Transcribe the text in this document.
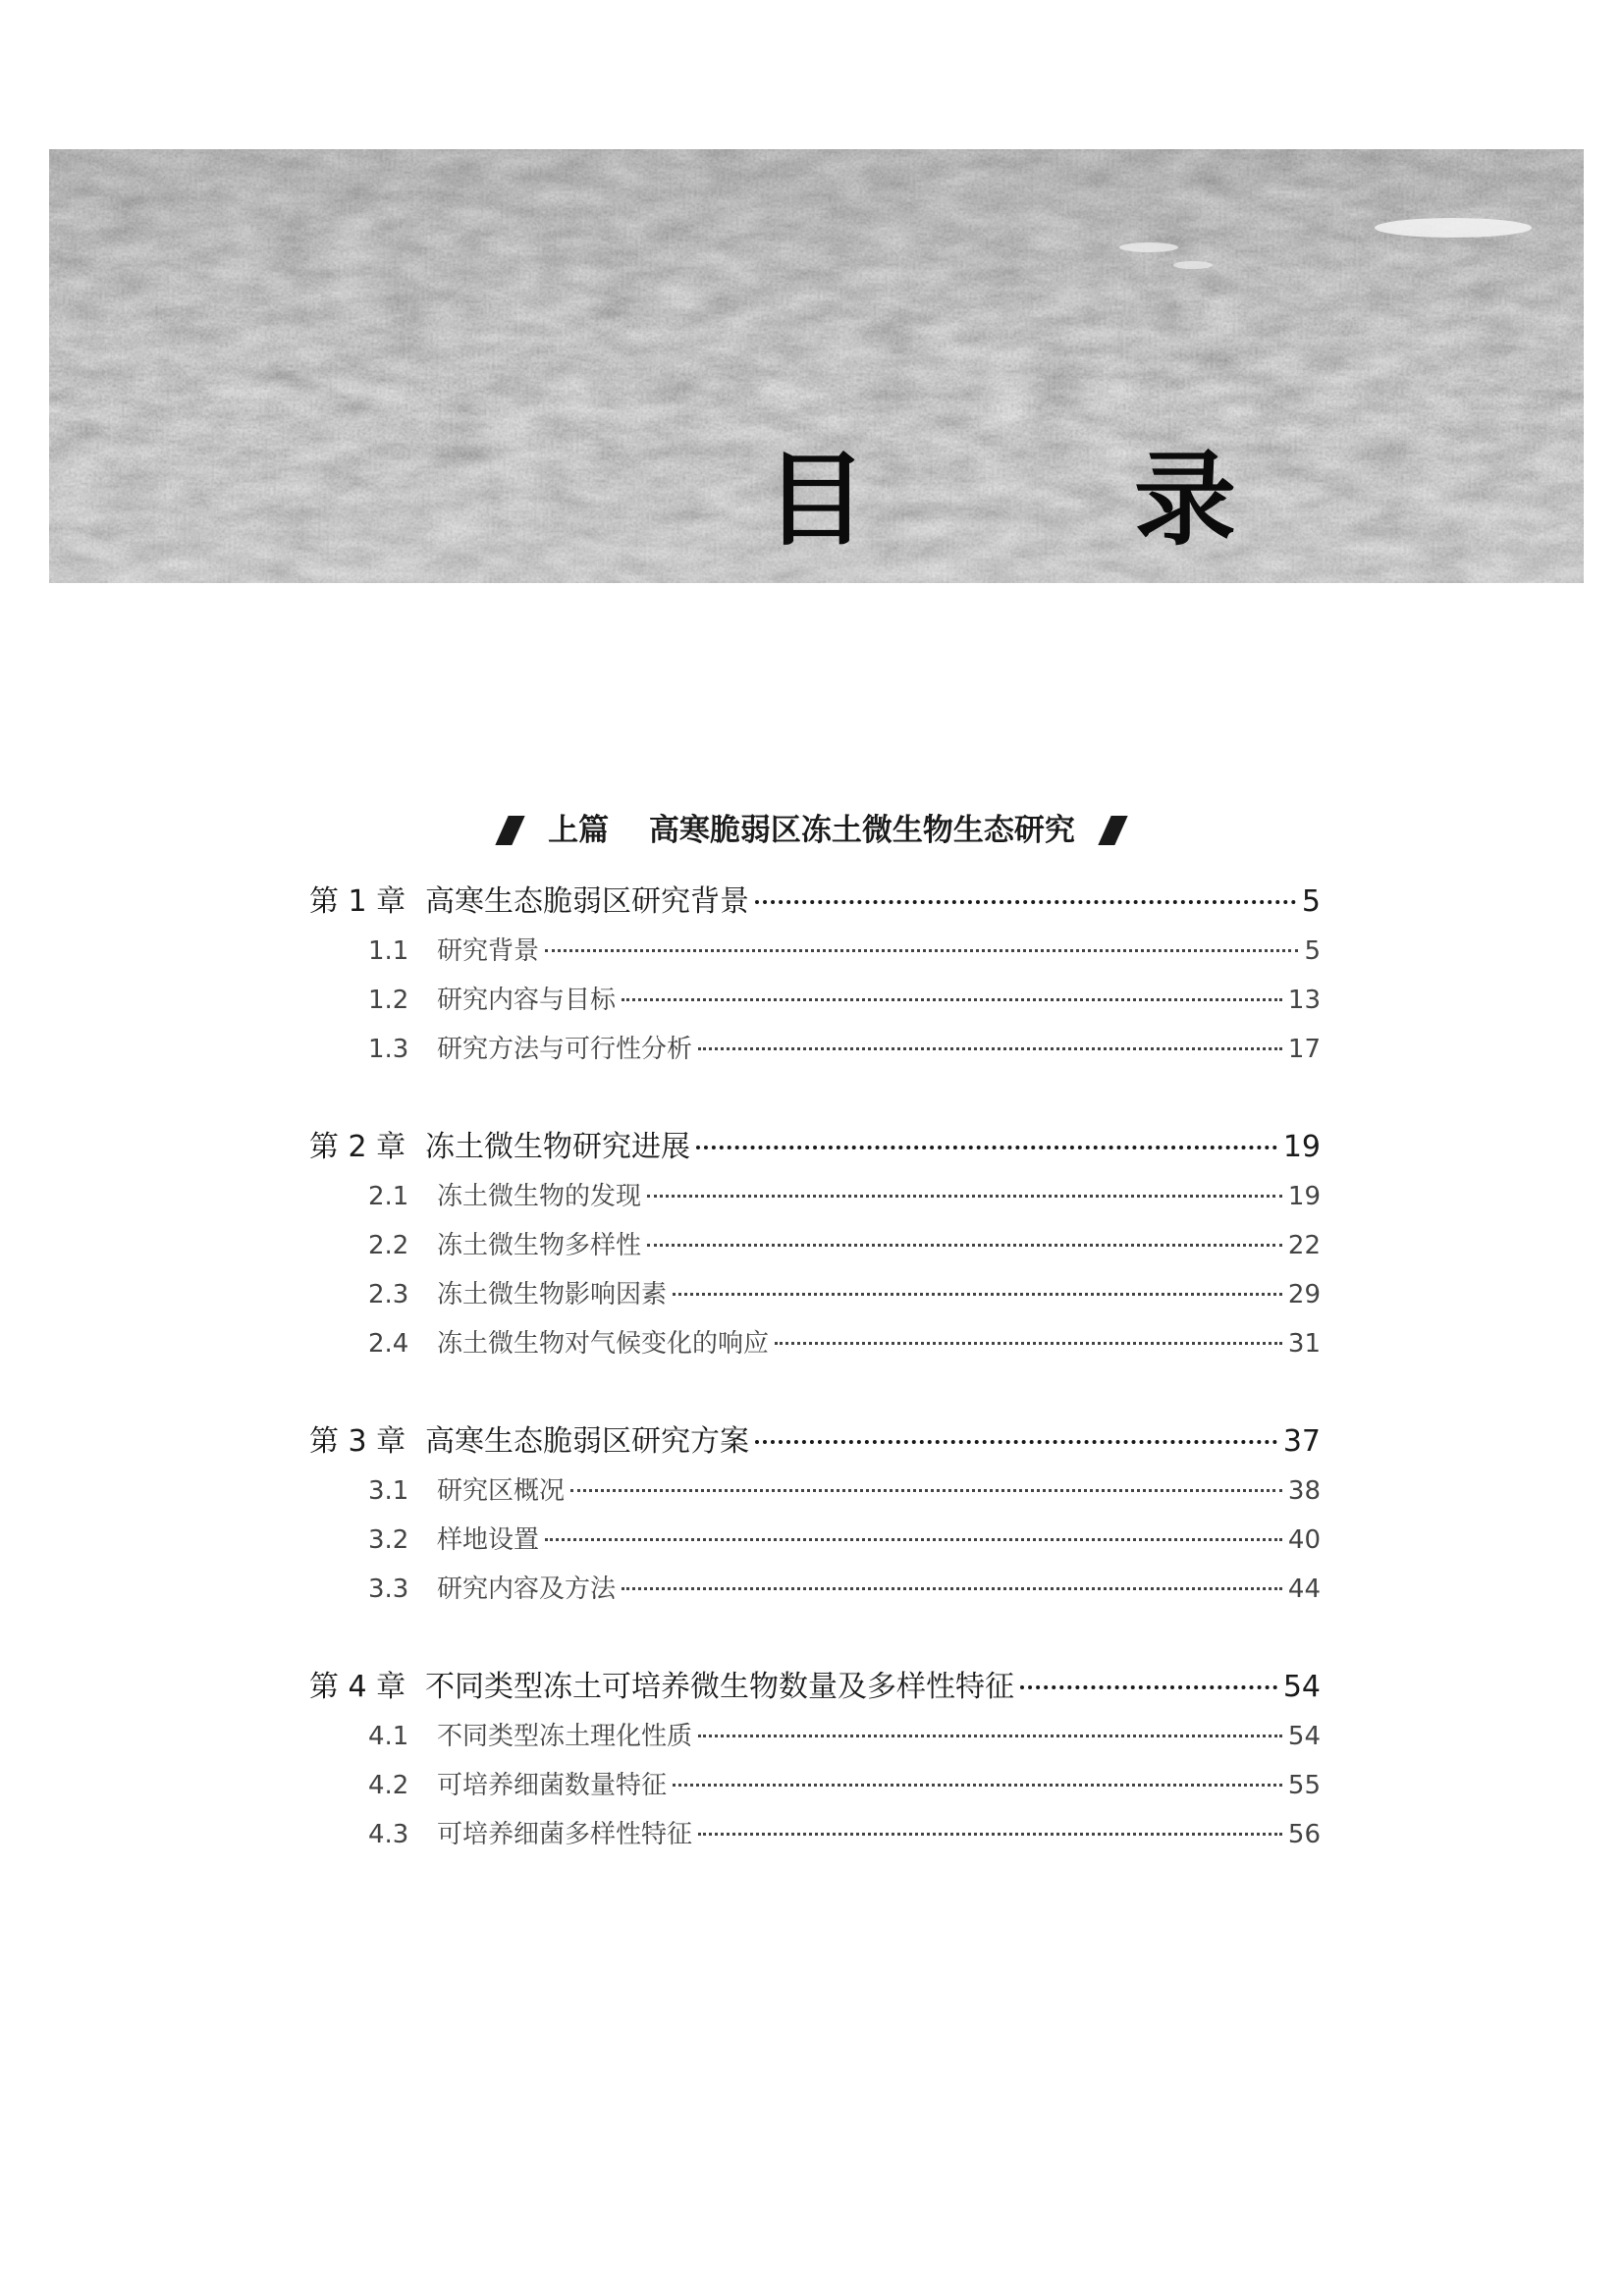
目　录
上篇 高寒脆弱区冻土微生物生态研究
第 1 章 高寒生态脆弱区研究背景	5
1.1	研究背景	5
1.2	研究内容与目标	13
1.3	研究方法与可行性分析	17
第 2 章 冻土微生物研究进展	19
2.1	冻土微生物的发现	19
2.2	冻土微生物多样性	22
2.3	冻土微生物影响因素	29
2.4	冻土微生物对气候变化的响应	31
第 3 章 高寒生态脆弱区研究方案	37
3.1	研究区概况	38
3.2	样地设置	40
3.3	研究内容及方法	44
第 4 章 不同类型冻土可培养微生物数量及多样性特征	54
4.1	不同类型冻土理化性质	54
4.2	可培养细菌数量特征	55
4.3	可培养细菌多样性特征	56
